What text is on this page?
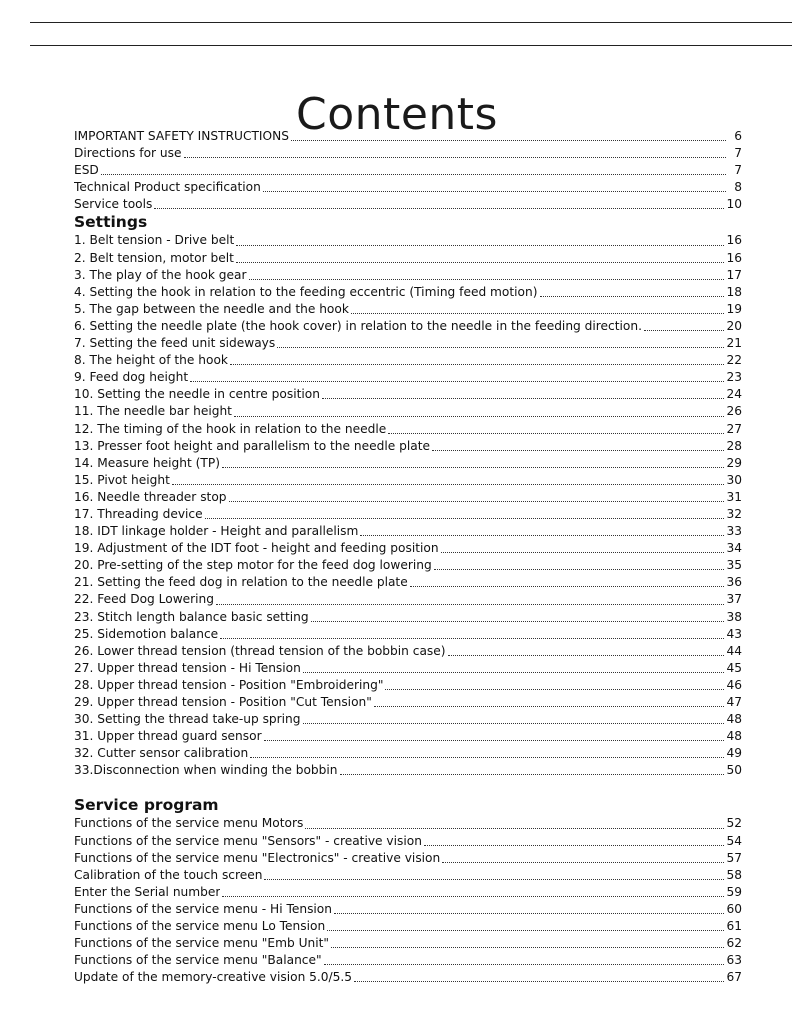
Contents
IMPORTANT SAFETY INSTRUCTIONS	6
Directions for use	7
ESD	7
Technical Product specification	8
Service tools	10
Settings
1. Belt tension - Drive belt	16
2. Belt tension, motor belt	16
3. The play of the hook gear	17
4. Setting the hook in relation to the feeding eccentric (Timing feed motion)	18
5. The gap between the needle and the hook	19
6. Setting the needle plate (the hook cover) in relation to the needle in the feeding direction.	20
7. Setting the feed unit sideways	21
8. The height of the hook	22
9. Feed dog height	23
10. Setting the needle in centre position	24
11. The needle bar height	26
12. The timing of the hook in relation to the needle	27
13. Presser foot height and parallelism to the needle plate	28
14. Measure height (TP)	29
15. Pivot height	30
16. Needle threader stop	31
17. Threading device	32
18. IDT linkage holder - Height and parallelism	33
19. Adjustment of the IDT foot - height and feeding position	34
20. Pre-setting of the step motor for the feed dog lowering	35
21. Setting the feed dog in relation to the needle plate	36
22. Feed Dog Lowering	37
23. Stitch length balance basic setting	38
25. Sidemotion balance	43
26. Lower thread tension (thread tension of the bobbin case)	44
27. Upper thread tension - Hi Tension	45
28. Upper thread tension - Position "Embroidering"	46
29. Upper thread tension - Position "Cut Tension"	47
30. Setting the thread take-up spring	48
31. Upper thread guard sensor	48
32. Cutter sensor calibration	49
33.Disconnection when winding the bobbin	50
Service program
Functions of the service menu Motors	52
Functions of the service menu "Sensors" - creative vision	54
Functions of the service menu "Electronics" - creative vision	57
Calibration of the touch screen	58
Enter the Serial number	59
Functions of the service menu - Hi Tension	60
Functions of the service menu Lo Tension	61
Functions of the service menu "Emb Unit"	62
Functions of the service menu "Balance"	63
Update of the memory-creative vision 5.0/5.5	67
